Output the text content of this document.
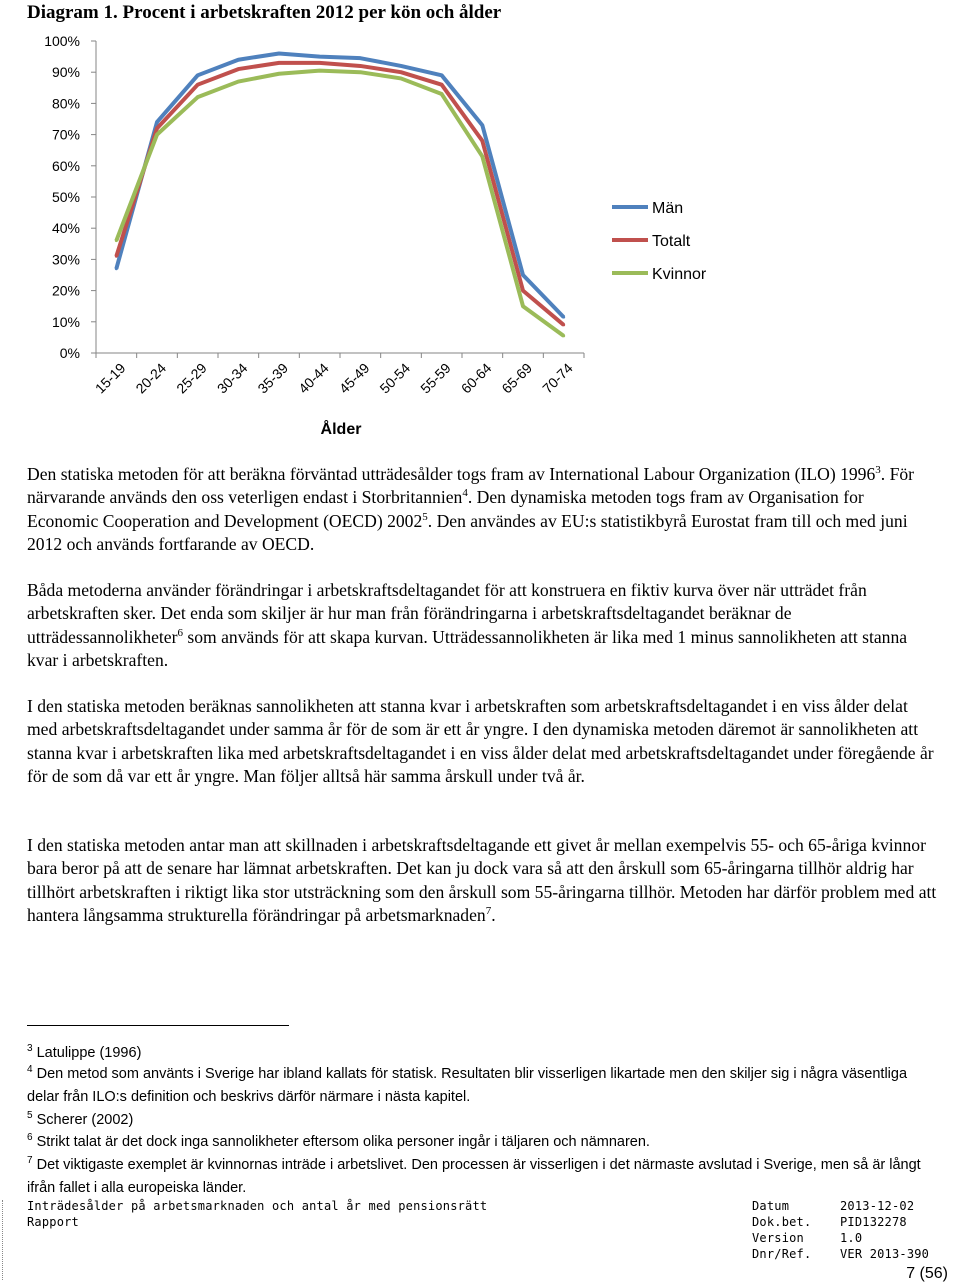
Diagram 1. Procent i arbetskraften 2012 per kön och ålder
0%
10%
20%
30%
40%
50%
60%
70%
80%
90%
100%
15-19 20-24 25-29 30-34 35-39 40-44 45-49 50-54 55-59 60-64 65-69 70-74
Män
Totalt
Kvinnor
Ålder

Den statiska metoden för att beräkna förväntad utträdesålder togs fram av International Labour Organization (ILO) 1996$^3$. För närvarande används den oss veterligen endast i Storbritannien$^4$. Den dynamiska metoden togs fram av Organisation for Economic Cooperation and Development (OECD) 2002$^5$. Den användes av EU:s statistikbyrå Eurostat fram till och med juni 2012 och används fortfarande av OECD.

Båda metoderna använder förändringar i arbetskraftsdeltagandet för att konstruera en fiktiv kurva över när utträdet från arbetskraften sker. Det enda som skiljer är hur man från förändringarna i arbetskraftsdeltagandet beräknar de utträdessannolikheter$^6$ som används för att skapa kurvan. Utträdessannolikheten är lika med 1 minus sannolikheten att stanna kvar i arbetskraften.

I den statiska metoden beräknas sannolikheten att stanna kvar i arbetskraften som arbetskraftsdeltagandet i en viss ålder delat med arbetskraftsdeltagandet under samma år för de som är ett år yngre. I den dynamiska metoden däremot är sannolikheten att stanna kvar i arbetskraften lika med arbetskraftsdeltagandet i en viss ålder delat med arbetskraftsdeltagandet under föregående år för de som då var ett år yngre. Man följer alltså här samma årskull under två år.

I den statiska metoden antar man att skillnaden i arbetskraftsdeltagande ett givet år mellan exempelvis 55- och 65-åriga kvinnor bara beror på att de senare har lämnat arbetskraften. Det kan ju dock vara så att den årskull som 65-åringarna tillhör aldrig har tillhört arbetskraften i riktigt lika stor utsträckning som den årskull som 55-åringarna tillhör. Metoden har därför problem med att hantera långsamma strukturella förändringar på arbetsmarknaden$^7$.

$^3$ Latulippe (1996)

$^4$ Den metod som använts i Sverige har ibland kallats för statisk. Resultaten blir visserligen likartade men den skiljer sig i några väsentliga delar från ILO:s definition och beskrivs därför närmare i nästa kapitel.

$^5$ Scherer (2002)

$^6$ Strikt talat är det dock inga sannolikheter eftersom olika personer ingår i täljaren och nämnaren.

$^7$ Det viktigaste exemplet är kvinnornas inträde i arbetslivet. Den processen är visserligen i det närmaste avslutad i Sverige, men så är långt ifrån fallet i alla europeiska länder.

Inträdesålder på arbetsmarknaden och antal år med pensionsrätt
Rapport
Datum	2013-12-02
Dok.bet. PID132278
Version	1.0
Dnr/Ref. VER 2013-390
7 (56)
